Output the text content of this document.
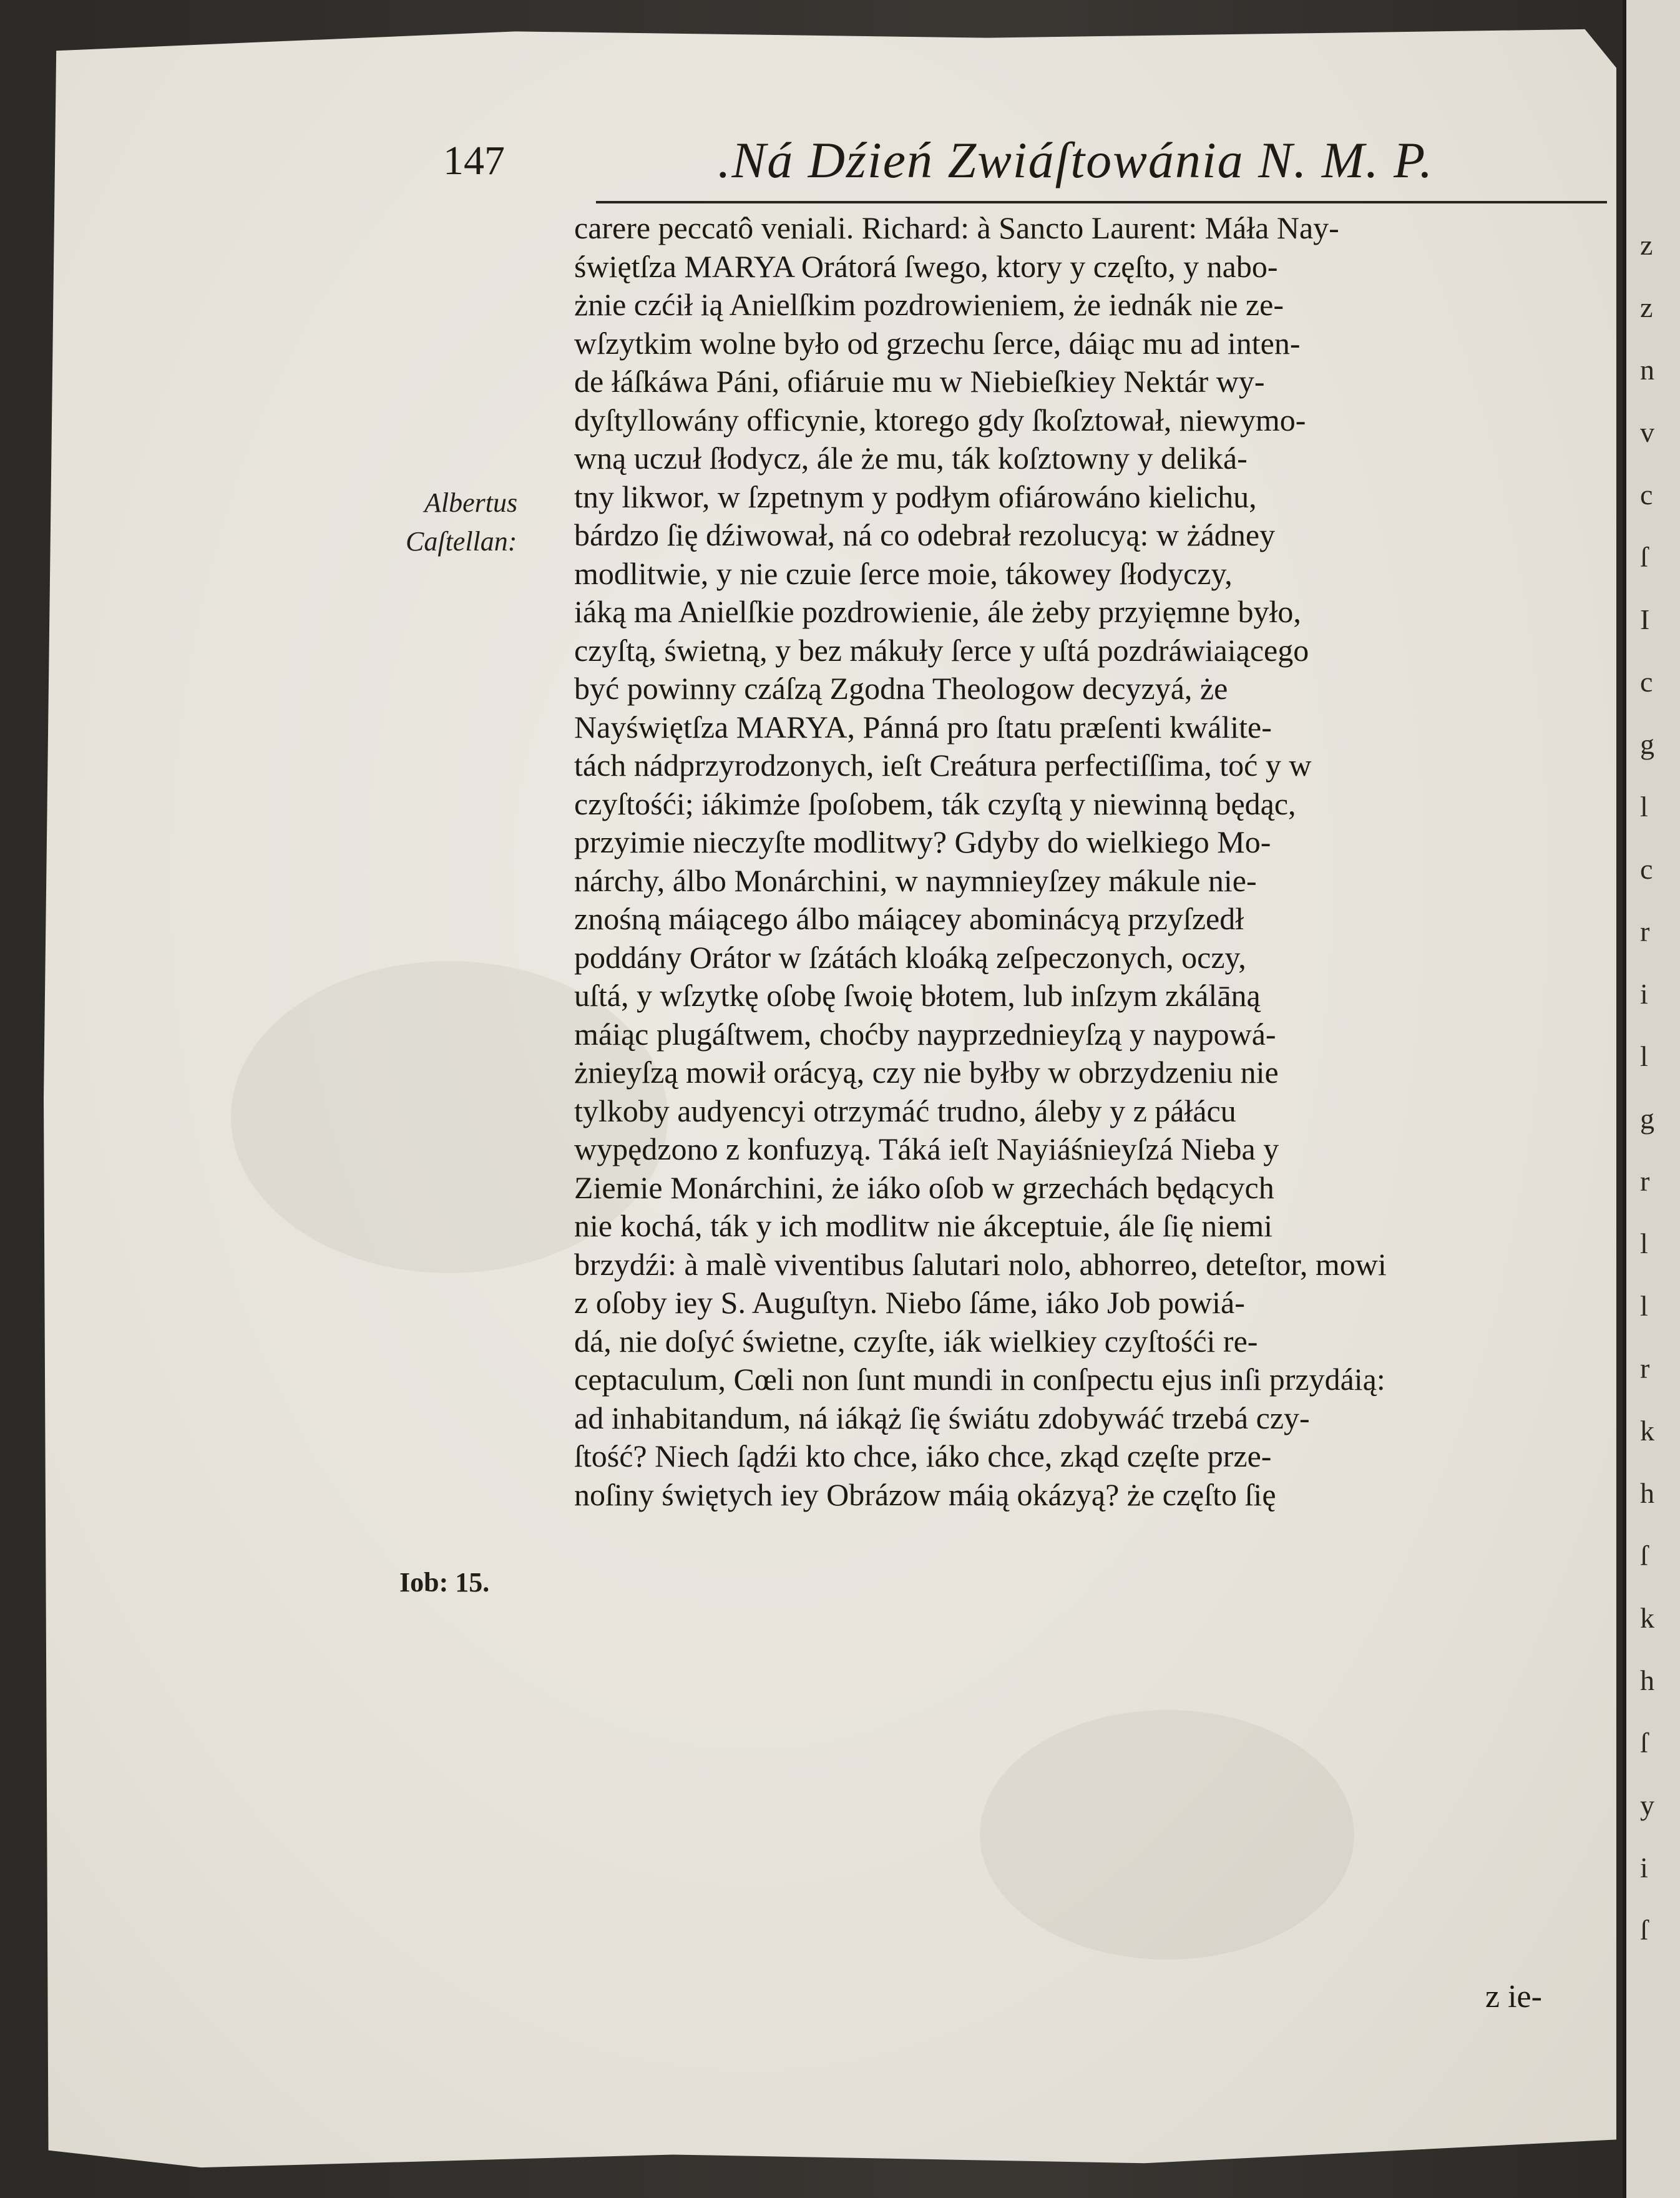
z
z
n
v
c
ſ
I
c
g
l
c
r
i
l
g
r
l
l
r
k
h
ſ
k
h
ſ
y
i
ſ
147	.Ná Dźień Zwiáſtowánia N. M. P.
Albertus
Caſtellan:
Iob: 15.
carere peccatô veniali. Richard: à Sancto Laurent: Máła Nay-
świętſza MARYA Orátorá ſwego, ktory y częſto, y nabo-
żnie czćił ią Anielſkim pozdrowieniem, że iednák nie ze-
wſzytkim wolne było od grzechu ſerce, dáiąc mu ad inten-
de łáſkáwa Páni, ofiáruie mu w Niebieſkiey Nektár wy-
dyſtyllowány officynie, ktorego gdy ſkoſztował, niewymo-
wną uczuł ſłodycz, ále że mu, ták koſztowny y deliká-
tny likwor, w ſzpetnym y podłym ofiárowáno kielichu,
bárdzo ſię dźiwował, ná co odebrał rezolucyą: w żádney
modlitwie, y nie czuie ſerce moie, tákowey ſłodyczy,
iáką ma Anielſkie pozdrowienie, ále żeby przyięmne było,
czyſtą, świetną, y bez mákuły ſerce y uſtá pozdráwiaiącego
być powinny czáſzą Zgodna Theologow decyzyá, że
Nayświętſza MARYA, Pánná pro ſtatu præſenti kwálite-
tách nádprzyrodzonych, ieſt Creátura perfectiſſima, toć y w
czyſtośći; iákimże ſpoſobem, ták czyſtą y niewinną będąc,
przyimie nieczyſte modlitwy? Gdyby do wielkiego Mo-
nárchy, álbo Monárchini, w naymnieyſzey mákule nie-
znośną máiącego álbo máiącey abominácyą przyſzedł
poddány Orátor w ſzátách kloáką zeſpeczonych, oczy,
uſtá, y wſzytkę oſobę ſwoię błotem, lub inſzym zkálāną
máiąc plugáſtwem, choćby nayprzednieyſzą y naypowá-
żnieyſzą mowił orácyą, czy nie byłby w obrzydzeniu nie
tylkoby audyencyi otrzymáć trudno, áleby y z páłácu
wypędzono z konfuzyą. Táká ieſt Nayiáśnieyſzá Nieba y
Ziemie Monárchini, że iáko oſob w grzechách będących
nie kochá, ták y ich modlitw nie ákceptuie, ále ſię niemi
brzydźi: à malè viventibus ſalutari nolo, abhorreo, deteſtor, mowi
z oſoby iey S. Auguſtyn. Niebo ſáme, iáko Job powiá-
dá, nie doſyć świetne, czyſte, iák wielkiey czyſtośći re-
ceptaculum, Cœli non ſunt mundi in conſpectu ejus inſi przydáią:
ad inhabitandum, ná iákąż ſię świátu zdobywáć trzebá czy-
ſtość? Niech ſądźi kto chce, iáko chce, zkąd częſte prze-
noſiny świętych iey Obrázow máią okázyą? że częſto ſię
z ie-
